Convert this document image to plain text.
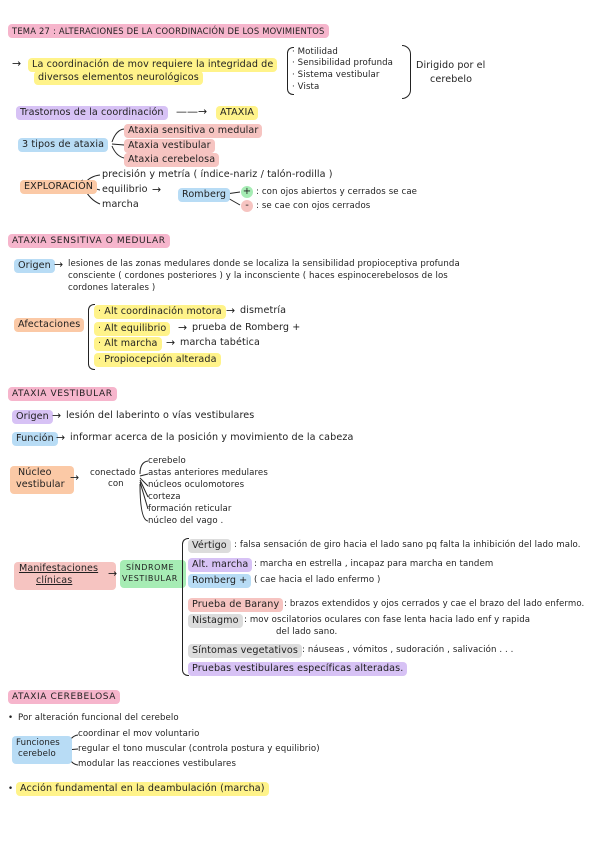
TEMA 27 : ALTERACIONES DE LA COORDINACIÓN DE LOS MOVIMIENTOS
→	La coordinación de mov requiere la integridad de
diversos elementos neurológicos
· Motilidad
· Sensibilidad profunda
· Sistema vestibular
· Vista
Dirigido por el
cerebelo
Trastornos de la coordinación	——→	ATAXIA
3 tipos de ataxia
Ataxia sensitiva o medular
Ataxia vestibular
Ataxia cerebelosa
EXPLORACIÓN
precisión y metría ( índice-nariz / talón-rodilla )
equilibrio
marcha
→	Romberg	+ : con ojos abiertos y cerrados se cae
- : se cae con ojos cerrados
ATAXIA SENSITIVA O MEDULAR
Origen → lesiones de las zonas medulares donde se localiza la sensibilidad propioceptiva profunda
consciente ( cordones posteriores ) y la inconsciente ( haces espinocerebelosos de los
cordones laterales )
Afectaciones
· Alt coordinación motora → dismetría
· Alt equilibrio	→ prueba de Romberg +
· Alt marcha → marcha tabética
· Propiocepción alterada
ATAXIA VESTIBULAR
Origen → lesión del laberinto o vías vestibulares
Función → informar acerca de la posición y movimiento de la cabeza
Núcleo
vestibular
→ conectado
con
cerebelo
astas anteriores medulares
núcleos oculomotores
corteza
formación reticular
núcleo del vago .
Manifestaciones
clínicas
→ SÍNDROME
VESTIBULAR
Vértigo : falsa sensación de giro hacia el lado sano pq falta la inhibición del lado malo.
Alt. marcha : marcha en estrella , incapaz para marcha en tandem
Romberg + ( cae hacia el lado enfermo )
Prueba de Barany : brazos extendidos y ojos cerrados y cae el brazo del lado enfermo.
Nistagmo : mov oscilatorios oculares con fase lenta hacia lado enf y rapida
del lado sano.
Síntomas vegetativos : náuseas , vómitos , sudoración , salivación . . .
Pruebas vestibulares específicas alteradas.
ATAXIA CEREBELOSA
• Por alteración funcional del cerebelo
Funciones
cerebelo
coordinar el mov voluntario
regular el tono muscular (controla postura y equilibrio)
modular las reacciones vestibulares
• Acción fundamental en la deambulación (marcha)
